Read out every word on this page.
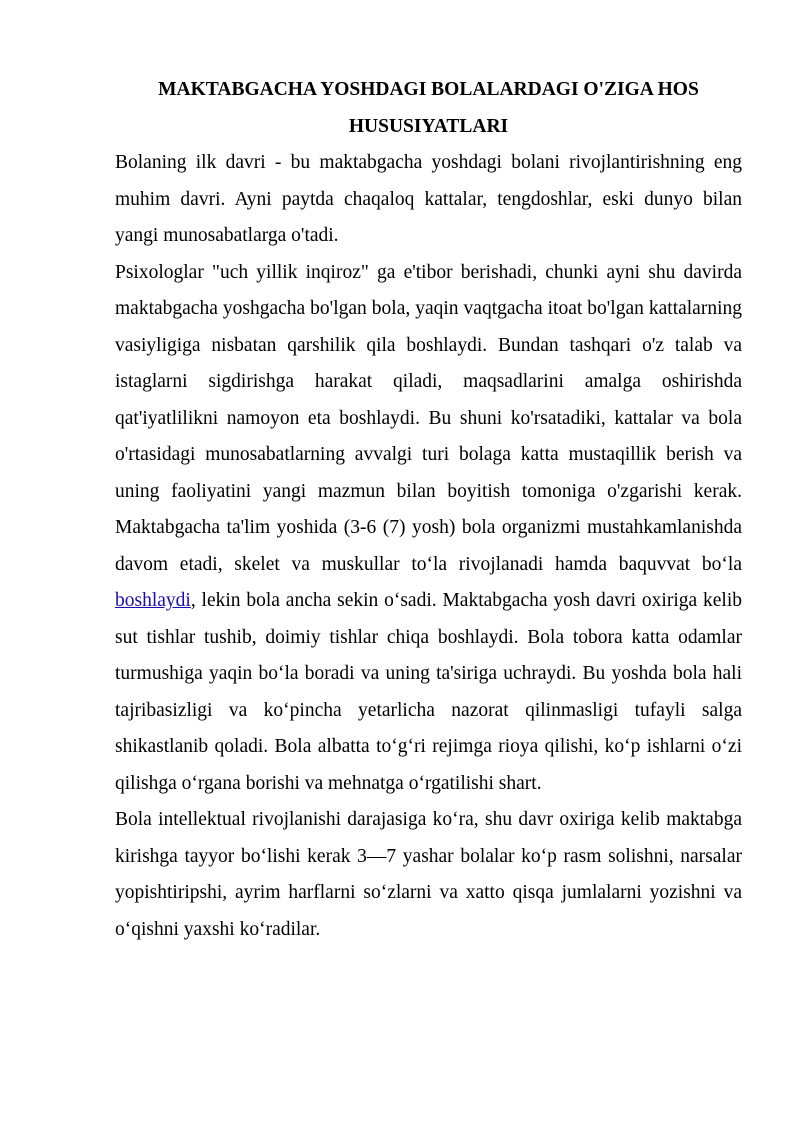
MAKTABGACHA YOSHDAGI BOLALARDAGI O'ZIGA HOS HUSUSIYATLARI

Bolaning ilk davri - bu maktabgacha yoshdagi bolani rivojlantirishning eng muhim davri. Ayni paytda chaqaloq kattalar, tengdoshlar, eski dunyo bilan yangi munosabatlarga o'tadi.

Psixologlar "uch yillik inqiroz" ga e'tibor berishadi, chunki ayni shu davirda maktabgacha yoshgacha bo'lgan bola, yaqin vaqtgacha itoat bo'lgan kattalarning vasiyligiga nisbatan qarshilik qila boshlaydi. Bundan tashqari o'z talab va istaglarni sigdirishga harakat qiladi, maqsadlarini amalga oshirishda qat'iyatlilikni namoyon eta boshlaydi. Bu shuni ko'rsatadiki, kattalar va bola o'rtasidagi munosabatlarning avvalgi turi bolaga katta mustaqillik berish va uning faoliyatini yangi mazmun bilan boyitish tomoniga o'zgarishi kerak. Maktabgacha ta'lim yoshida (3-6 (7) yosh) bola organizmi mustahkamlanishda davom etadi, skelet va muskullar to‘la rivojlanadi hamda baquvvat bo‘la boshlaydi, lekin bola ancha sekin o‘sadi. Maktabgacha yosh davri oxiriga kelib sut tishlar tushib, doimiy tishlar chiqa boshlaydi. Bola tobora katta odamlar turmushiga yaqin bo‘la boradi va uning ta'siriga uchraydi. Bu yoshda bola hali tajribasizligi va ko‘pincha yetarlicha nazorat qilinmasligi tufayli salga shikastlanib qoladi. Bola albatta to‘g‘ri rejimga rioya qilishi, ko‘p ishlarni o‘zi qilishga o‘rgana borishi va mehnatga o‘rgatilishi shart.

Bola intellektual rivojlanishi darajasiga ko‘ra, shu davr oxiriga kelib maktabga kirishga tayyor bo‘lishi kerak 3—7 yashar bolalar ko‘p rasm solishni, narsalar yopishtiripshi, ayrim harflarni so‘zlarni va xatto qisqa jumlalarni yozishni va o‘qishni yaxshi ko‘radilar.
